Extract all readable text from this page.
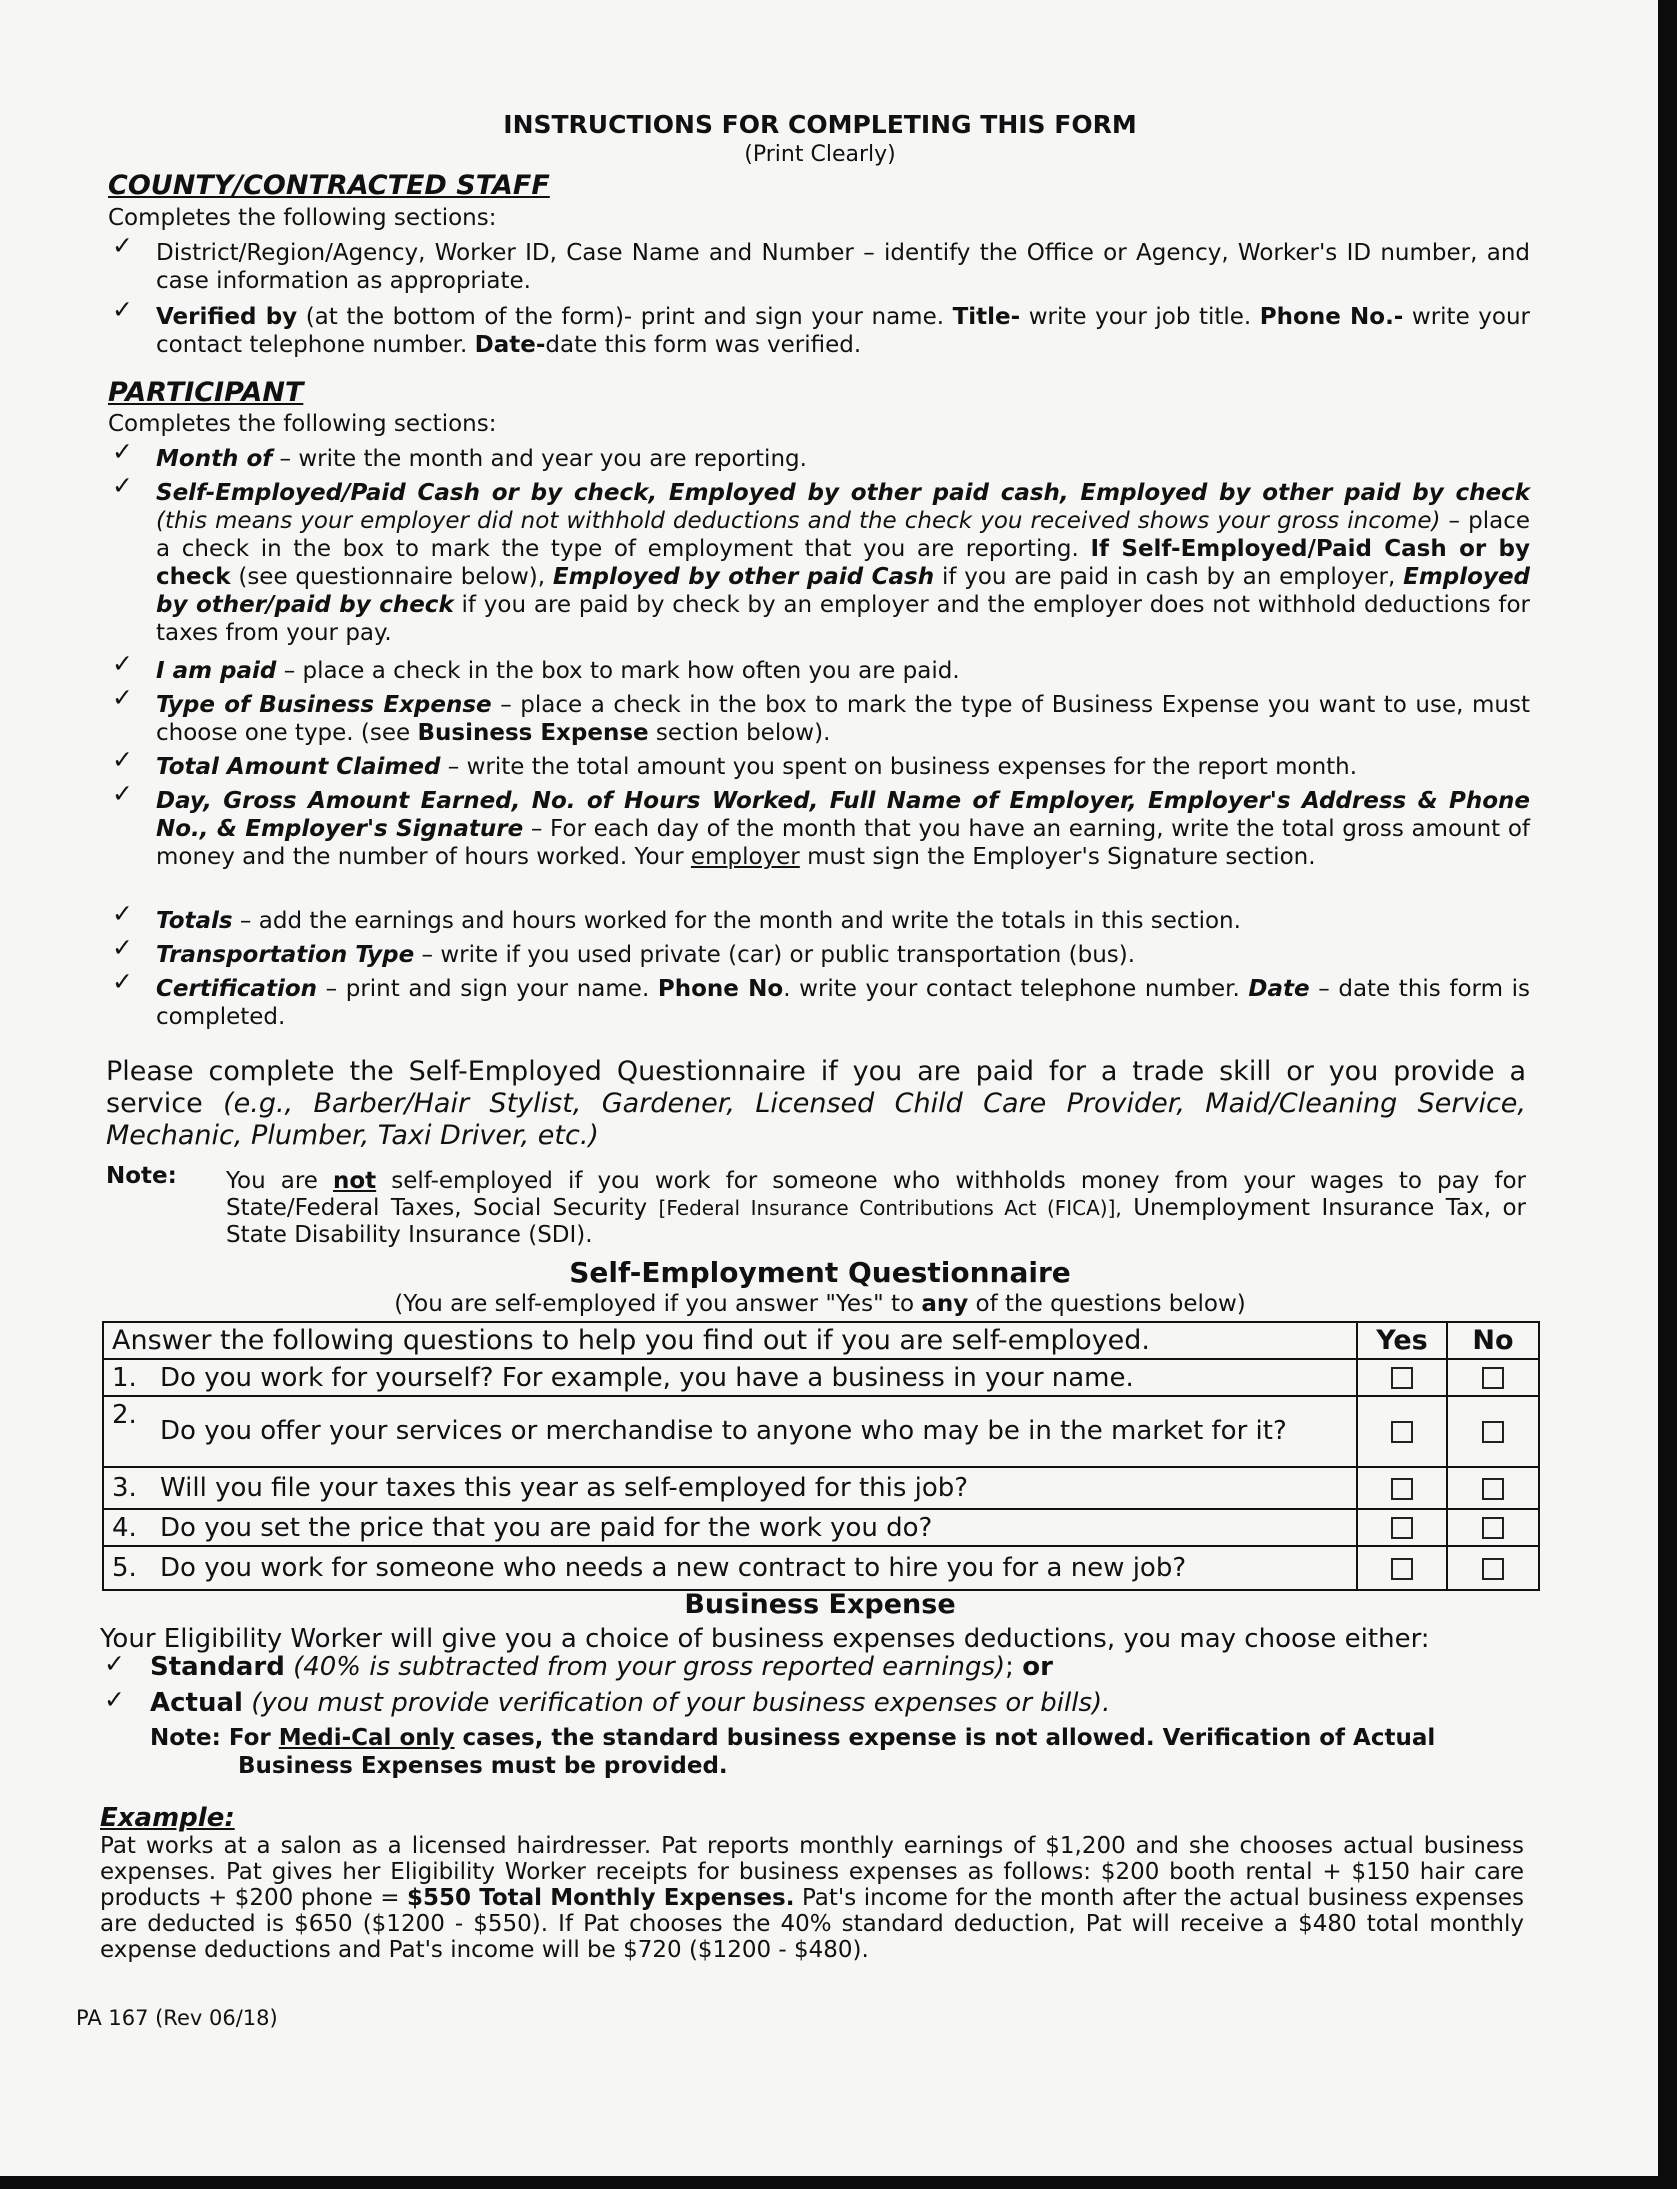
INSTRUCTIONS FOR COMPLETING THIS FORM
(Print Clearly)
COUNTY/CONTRACTED STAFF
Completes the following sections:
✓ District/Region/Agency, Worker ID, Case Name and Number – identify the Office or Agency, Worker's ID number, and case information as appropriate.
✓ Verified by (at the bottom of the form)- print and sign your name. Title- write your job title. Phone No.- write your contact telephone number. Date-date this form was verified.
PARTICIPANT
Completes the following sections:
✓ Month of – write the month and year you are reporting.
✓ Self-Employed/Paid Cash or by check, Employed by other paid cash, Employed by other paid by check (this means your employer did not withhold deductions and the check you received shows your gross income) – place a check in the box to mark the type of employment that you are reporting. If Self-Employed/Paid Cash or by check (see questionnaire below), Employed by other paid Cash if you are paid in cash by an employer, Employed by other/paid by check if you are paid by check by an employer and the employer does not withhold deductions for taxes from your pay.
✓ I am paid – place a check in the box to mark how often you are paid.
✓ Type of Business Expense – place a check in the box to mark the type of Business Expense you want to use, must choose one type. (see Business Expense section below).
✓ Total Amount Claimed – write the total amount you spent on business expenses for the report month.
✓ Day, Gross Amount Earned, No. of Hours Worked, Full Name of Employer, Employer's Address & Phone No., & Employer's Signature – For each day of the month that you have an earning, write the total gross amount of money and the number of hours worked. Your employer must sign the Employer's Signature section.
✓ Totals – add the earnings and hours worked for the month and write the totals in this section.
✓ Transportation Type – write if you used private (car) or public transportation (bus).
✓ Certification – print and sign your name. Phone No. write your contact telephone number. Date – date this form is completed.
Please complete the Self-Employed Questionnaire if you are paid for a trade skill or you provide a service (e.g., Barber/Hair Stylist, Gardener, Licensed Child Care Provider, Maid/Cleaning Service, Mechanic, Plumber, Taxi Driver, etc.)
Note: You are not self-employed if you work for someone who withholds money from your wages to pay for State/Federal Taxes, Social Security [Federal Insurance Contributions Act (FICA)], Unemployment Insurance Tax, or State Disability Insurance (SDI).
Self-Employment Questionnaire
(You are self-employed if you answer "Yes" to any of the questions below)
Answer the following questions to help you find out if you are self-employed.		Yes	No
1.	Do you work for yourself? For example, you have a business in your name.		
2.	Do you offer your services or merchandise to anyone who may be in the market for it?		
3.	Will you file your taxes this year as self-employed for this job?		
4.	Do you set the price that you are paid for the work you do?		
5.	Do you work for someone who needs a new contract to hire you for a new job?		
Business Expense
Your Eligibility Worker will give you a choice of business expenses deductions, you may choose either:
✓ Standard (40% is subtracted from your gross reported earnings); or
✓ Actual (you must provide verification of your business expenses or bills).
Note: For Medi-Cal only cases, the standard business expense is not allowed. Verification of Actual Business Expenses must be provided.
Example:
Pat works at a salon as a licensed hairdresser. Pat reports monthly earnings of $1,200 and she chooses actual business expenses. Pat gives her Eligibility Worker receipts for business expenses as follows: $200 booth rental + $150 hair care products + $200 phone = $550 Total Monthly Expenses. Pat's income for the month after the actual business expenses are deducted is $650 ($1200 - $550). If Pat chooses the 40% standard deduction, Pat will receive a $480 total monthly expense deductions and Pat's income will be $720 ($1200 - $480).
PA 167 (Rev 06/18)
